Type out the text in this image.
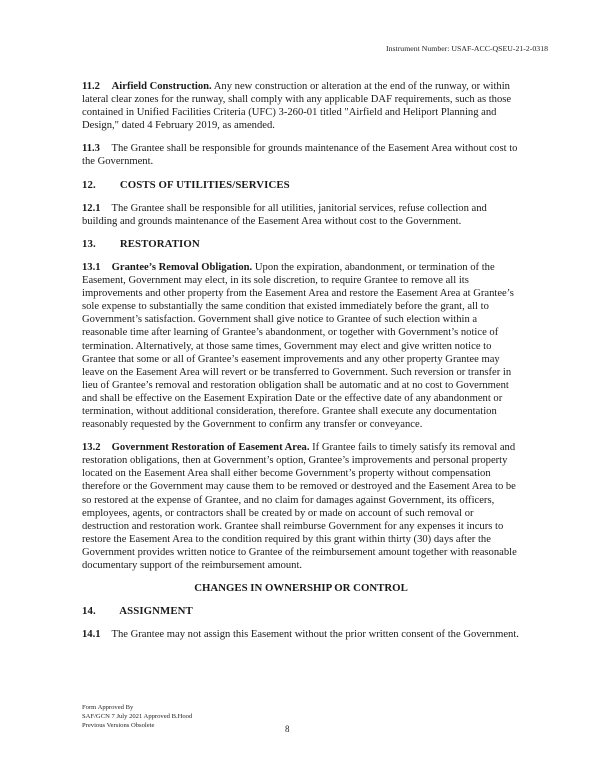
Instrument Number: USAF-ACC-QSEU-21-2-0318

11.2 Airfield Construction. Any new construction or alteration at the end of the runway, or within lateral clear zones for the runway, shall comply with any applicable DAF requirements, such as those contained in Unified Facilities Criteria (UFC) 3-260-01 titled "Airfield and Heliport Planning and Design," dated 4 February 2019, as amended.

11.3 The Grantee shall be responsible for grounds maintenance of the Easement Area without cost to the Government.

12. COSTS OF UTILITIES/SERVICES

12.1 The Grantee shall be responsible for all utilities, janitorial services, refuse collection and building and grounds maintenance of the Easement Area without cost to the Government.

13. RESTORATION

13.1 Grantee’s Removal Obligation. Upon the expiration, abandonment, or termination of the Easement, Government may elect, in its sole discretion, to require Grantee to remove all its improvements and other property from the Easement Area and restore the Easement Area at Grantee’s sole expense to substantially the same condition that existed immediately before the grant, all to Government’s satisfaction. Government shall give notice to Grantee of such election within a reasonable time after learning of Grantee’s abandonment, or together with Government’s notice of termination. Alternatively, at those same times, Government may elect and give written notice to Grantee that some or all of Grantee’s easement improvements and any other property Grantee may leave on the Easement Area will revert or be transferred to Government. Such reversion or transfer in lieu of Grantee’s removal and restoration obligation shall be automatic and at no cost to Government and shall be effective on the Easement Expiration Date or the effective date of any abandonment or termination, without additional consideration, therefore. Grantee shall execute any documentation reasonably requested by the Government to confirm any transfer or conveyance.

13.2 Government Restoration of Easement Area. If Grantee fails to timely satisfy its removal and restoration obligations, then at Government’s option, Grantee’s improvements and personal property located on the Easement Area shall either become Government’s property without compensation therefore or the Government may cause them to be removed or destroyed and the Easement Area to be so restored at the expense of Grantee, and no claim for damages against Government, its officers, employees, agents, or contractors shall be created by or made on account of such removal or destruction and restoration work. Grantee shall reimburse Government for any expenses it incurs to restore the Easement Area to the condition required by this grant within thirty (30) days after the Government provides written notice to Grantee of the reimbursement amount together with reasonable documentary support of the reimbursement amount.

CHANGES IN OWNERSHIP OR CONTROL
14. ASSIGNMENT

14.1 The Grantee may not assign this Easement without the prior written consent of the Government.

Form Approved By
SAF/GCN 7 July 2021 Approved B.Hood
Previous Versions Obsolete	8
